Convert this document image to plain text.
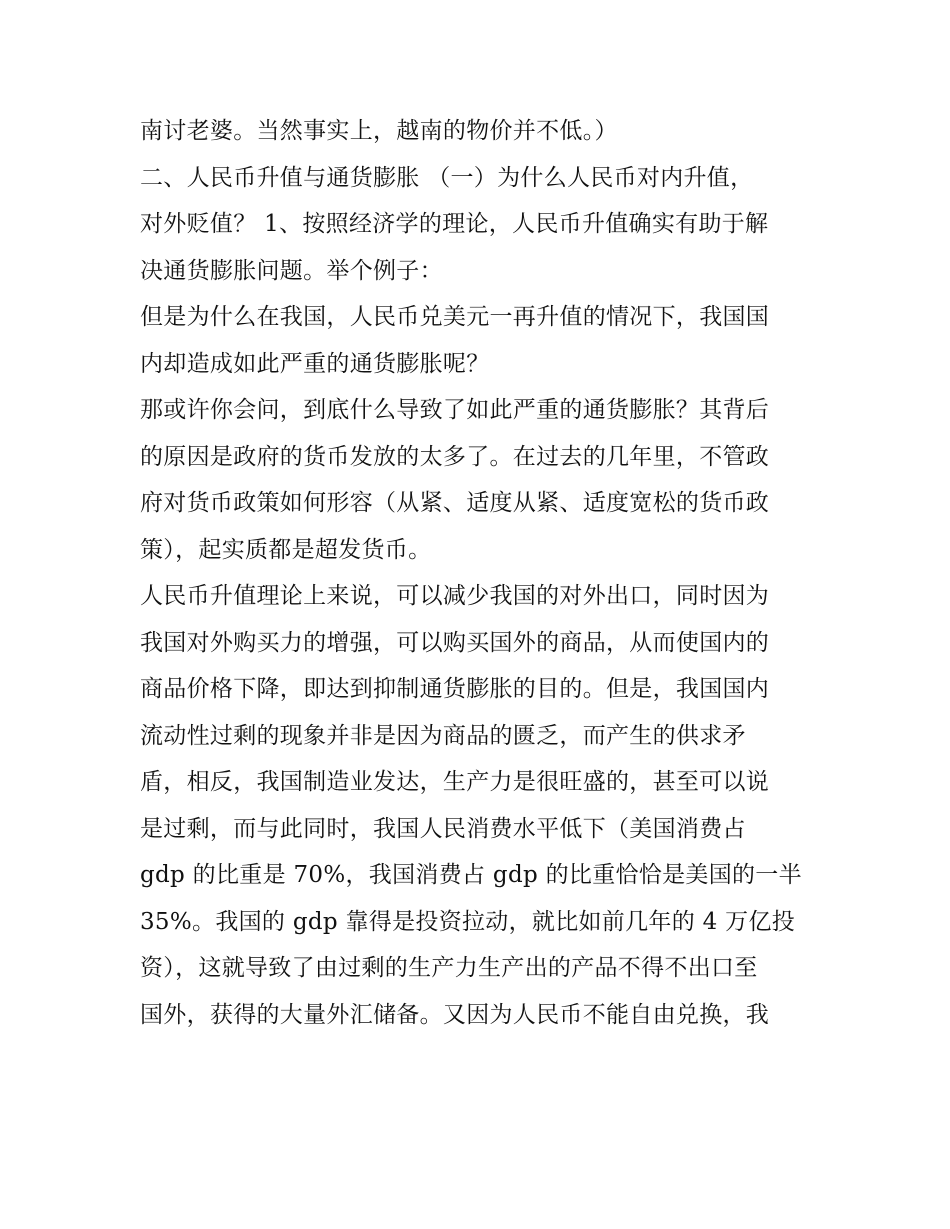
南讨老婆。当然事实上，越南的物价并不低。）
二、人民币升值与通货膨胀 （一）为什么人民币对内升值，
对外贬值？ 1、按照经济学的理论，人民币升值确实有助于解
决通货膨胀问题。举个例子：
但是为什么在我国，人民币兑美元一再升值的情况下，我国国
内却造成如此严重的通货膨胀呢？
那或许你会问，到底什么导致了如此严重的通货膨胀？其背后
的原因是政府的货币发放的太多了。在过去的几年里，不管政
府对货币政策如何形容（从紧、适度从紧、适度宽松的货币政
策），起实质都是超发货币。
人民币升值理论上来说，可以减少我国的对外出口，同时因为
我国对外购买力的增强，可以购买国外的商品，从而使国内的
商品价格下降，即达到抑制通货膨胀的目的。但是，我国国内
流动性过剩的现象并非是因为商品的匮乏，而产生的供求矛
盾，相反，我国制造业发达，生产力是很旺盛的，甚至可以说
是过剩，而与此同时，我国人民消费水平低下（美国消费占
gdp 的比重是 70%，我国消费占 gdp 的比重恰恰是美国的一半
35%。我国的 gdp 靠得是投资拉动，就比如前几年的 4 万亿投
资），这就导致了由过剩的生产力生产出的产品不得不出口至
国外，获得的大量外汇储备。又因为人民币不能自由兑换，我
